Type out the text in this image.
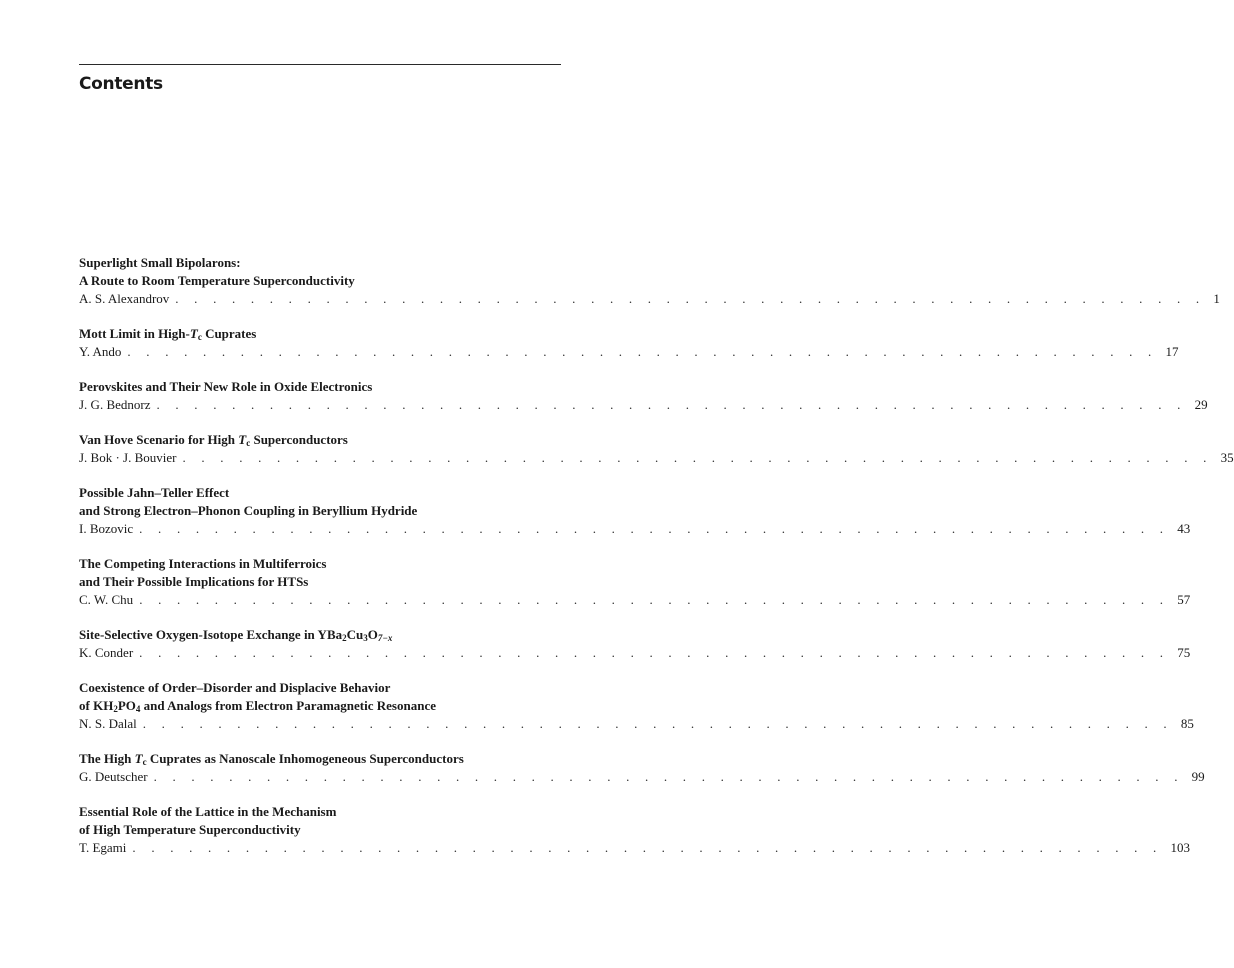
Contents
Superlight Small Bipolarons:
A Route to Room Temperature Superconductivity
A. S. Alexandrov . . . . . . . . . . . . . . . . . . . . . . . . . . . . . . . . . . . . . . . . . . . . . . . . . . . . . . . 1
Mott Limit in High-$T_c$ Cuprates
Y. Ando . . . . . . . . . . . . . . . . . . . . . . . . . . . . . . . . . . . . . . . . . . . . . . . . . . . . . . . 17
Perovskites and Their New Role in Oxide Electronics
J. G. Bednorz . . . . . . . . . . . . . . . . . . . . . . . . . . . . . . . . . . . . . . . . . . . . . . . . . . . . . . . 29
Van Hove Scenario for High $T_c$ Superconductors
J. Bok · J. Bouvier . . . . . . . . . . . . . . . . . . . . . . . . . . . . . . . . . . . . . . . . . . . . . . . . . . . . . . . 35
Possible Jahn–Teller Effect
and Strong Electron–Phonon Coupling in Beryllium Hydride
I. Bozovic . . . . . . . . . . . . . . . . . . . . . . . . . . . . . . . . . . . . . . . . . . . . . . . . . . . . . . . 43
The Competing Interactions in Multiferroics
and Their Possible Implications for HTSs
C. W. Chu . . . . . . . . . . . . . . . . . . . . . . . . . . . . . . . . . . . . . . . . . . . . . . . . . . . . . . . 57
Site-Selective Oxygen-Isotope Exchange in $YBa_2Cu_3O_{7-x}$
K. Conder . . . . . . . . . . . . . . . . . . . . . . . . . . . . . . . . . . . . . . . . . . . . . . . . . . . . . . . 75
Coexistence of Order–Disorder and Displacive Behavior
of $KH_2PO_4$ and Analogs from Electron Paramagnetic Resonance
N. S. Dalal . . . . . . . . . . . . . . . . . . . . . . . . . . . . . . . . . . . . . . . . . . . . . . . . . . . . . . . 85
The High $T_c$ Cuprates as Nanoscale Inhomogeneous Superconductors
G. Deutscher . . . . . . . . . . . . . . . . . . . . . . . . . . . . . . . . . . . . . . . . . . . . . . . . . . . . . . . 99
Essential Role of the Lattice in the Mechanism
of High Temperature Superconductivity
T. Egami . . . . . . . . . . . . . . . . . . . . . . . . . . . . . . . . . . . . . . . . . . . . . . . . . . . . . . . 103
